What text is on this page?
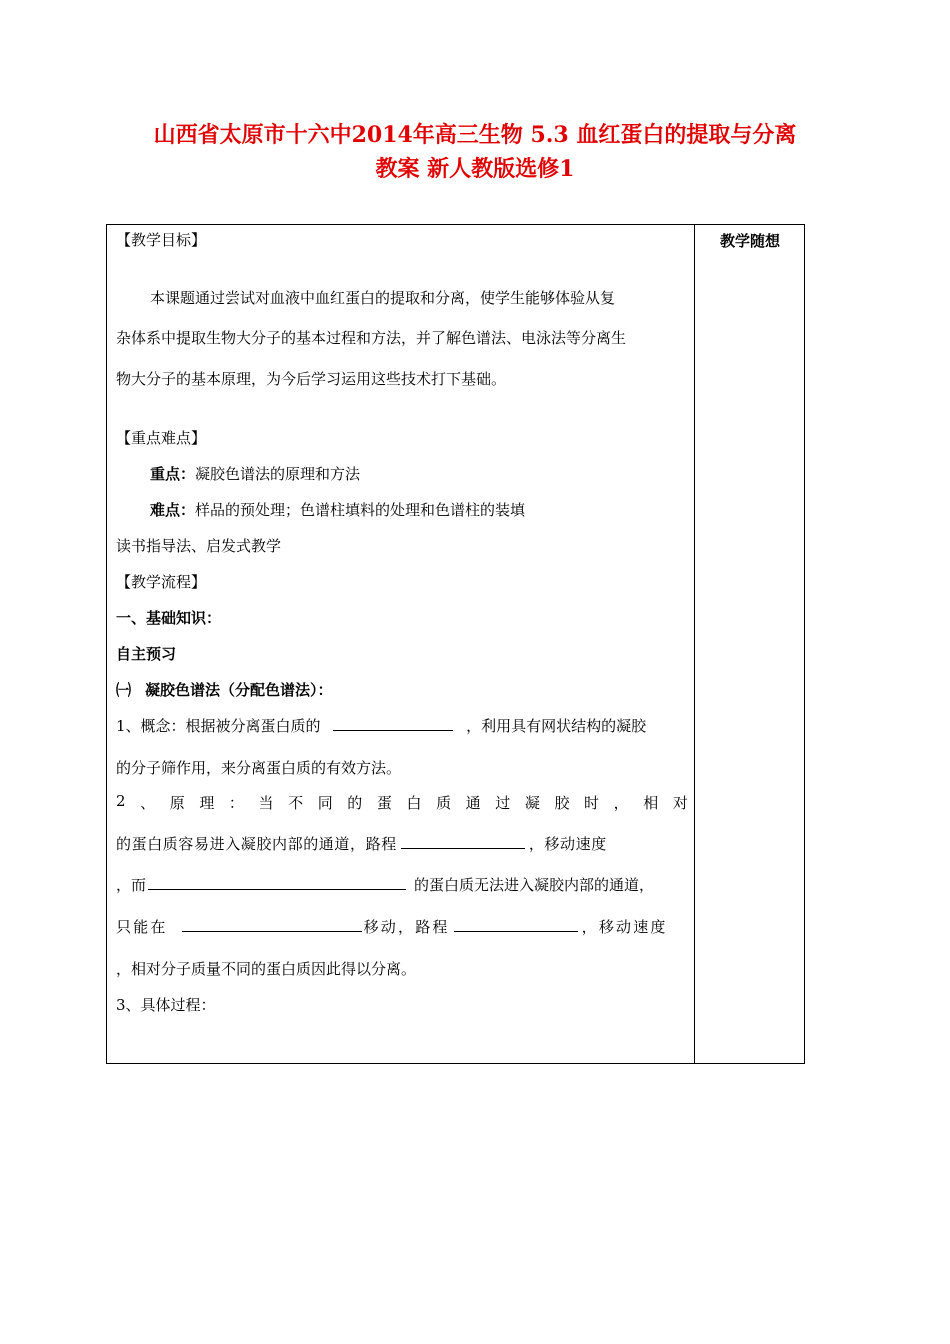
山西省太原市十六中2014年高三生物 5.3 血红蛋白的提取与分离
教案 新人教版选修1
教学随想
【教学目标】
本课题通过尝试对血液中血红蛋白的提取和分离，使学生能够体验从复
杂体系中提取生物大分子的基本过程和方法，并了解色谱法、电泳法等分离生
物大分子的基本原理，为今后学习运用这些技术打下基础。
【重点难点】
重点：凝胶色谱法的原理和方法
难点：样品的预处理；色谱柱填料的处理和色谱柱的装填
读书指导法、启发式教学
【教学流程】
一、基础知识：
自主预习
㈠ 凝胶色谱法（分配色谱法）：
1、概念：根据被分离蛋白质的	，利用具有网状结构的凝胶
的分子筛作用，来分离蛋白质的有效方法。
2 、 原 理 ： 当 不 同 的 蛋 白 质 通 过 凝 胶 时 ， 相 对
的蛋白质容易进入凝胶内部的通道，路程	，移动速度
，而	的蛋白质无法进入凝胶内部的通道，
只能在	移动，路程	，移动速度
，相对分子质量不同的蛋白质因此得以分离。
3、具体过程：
